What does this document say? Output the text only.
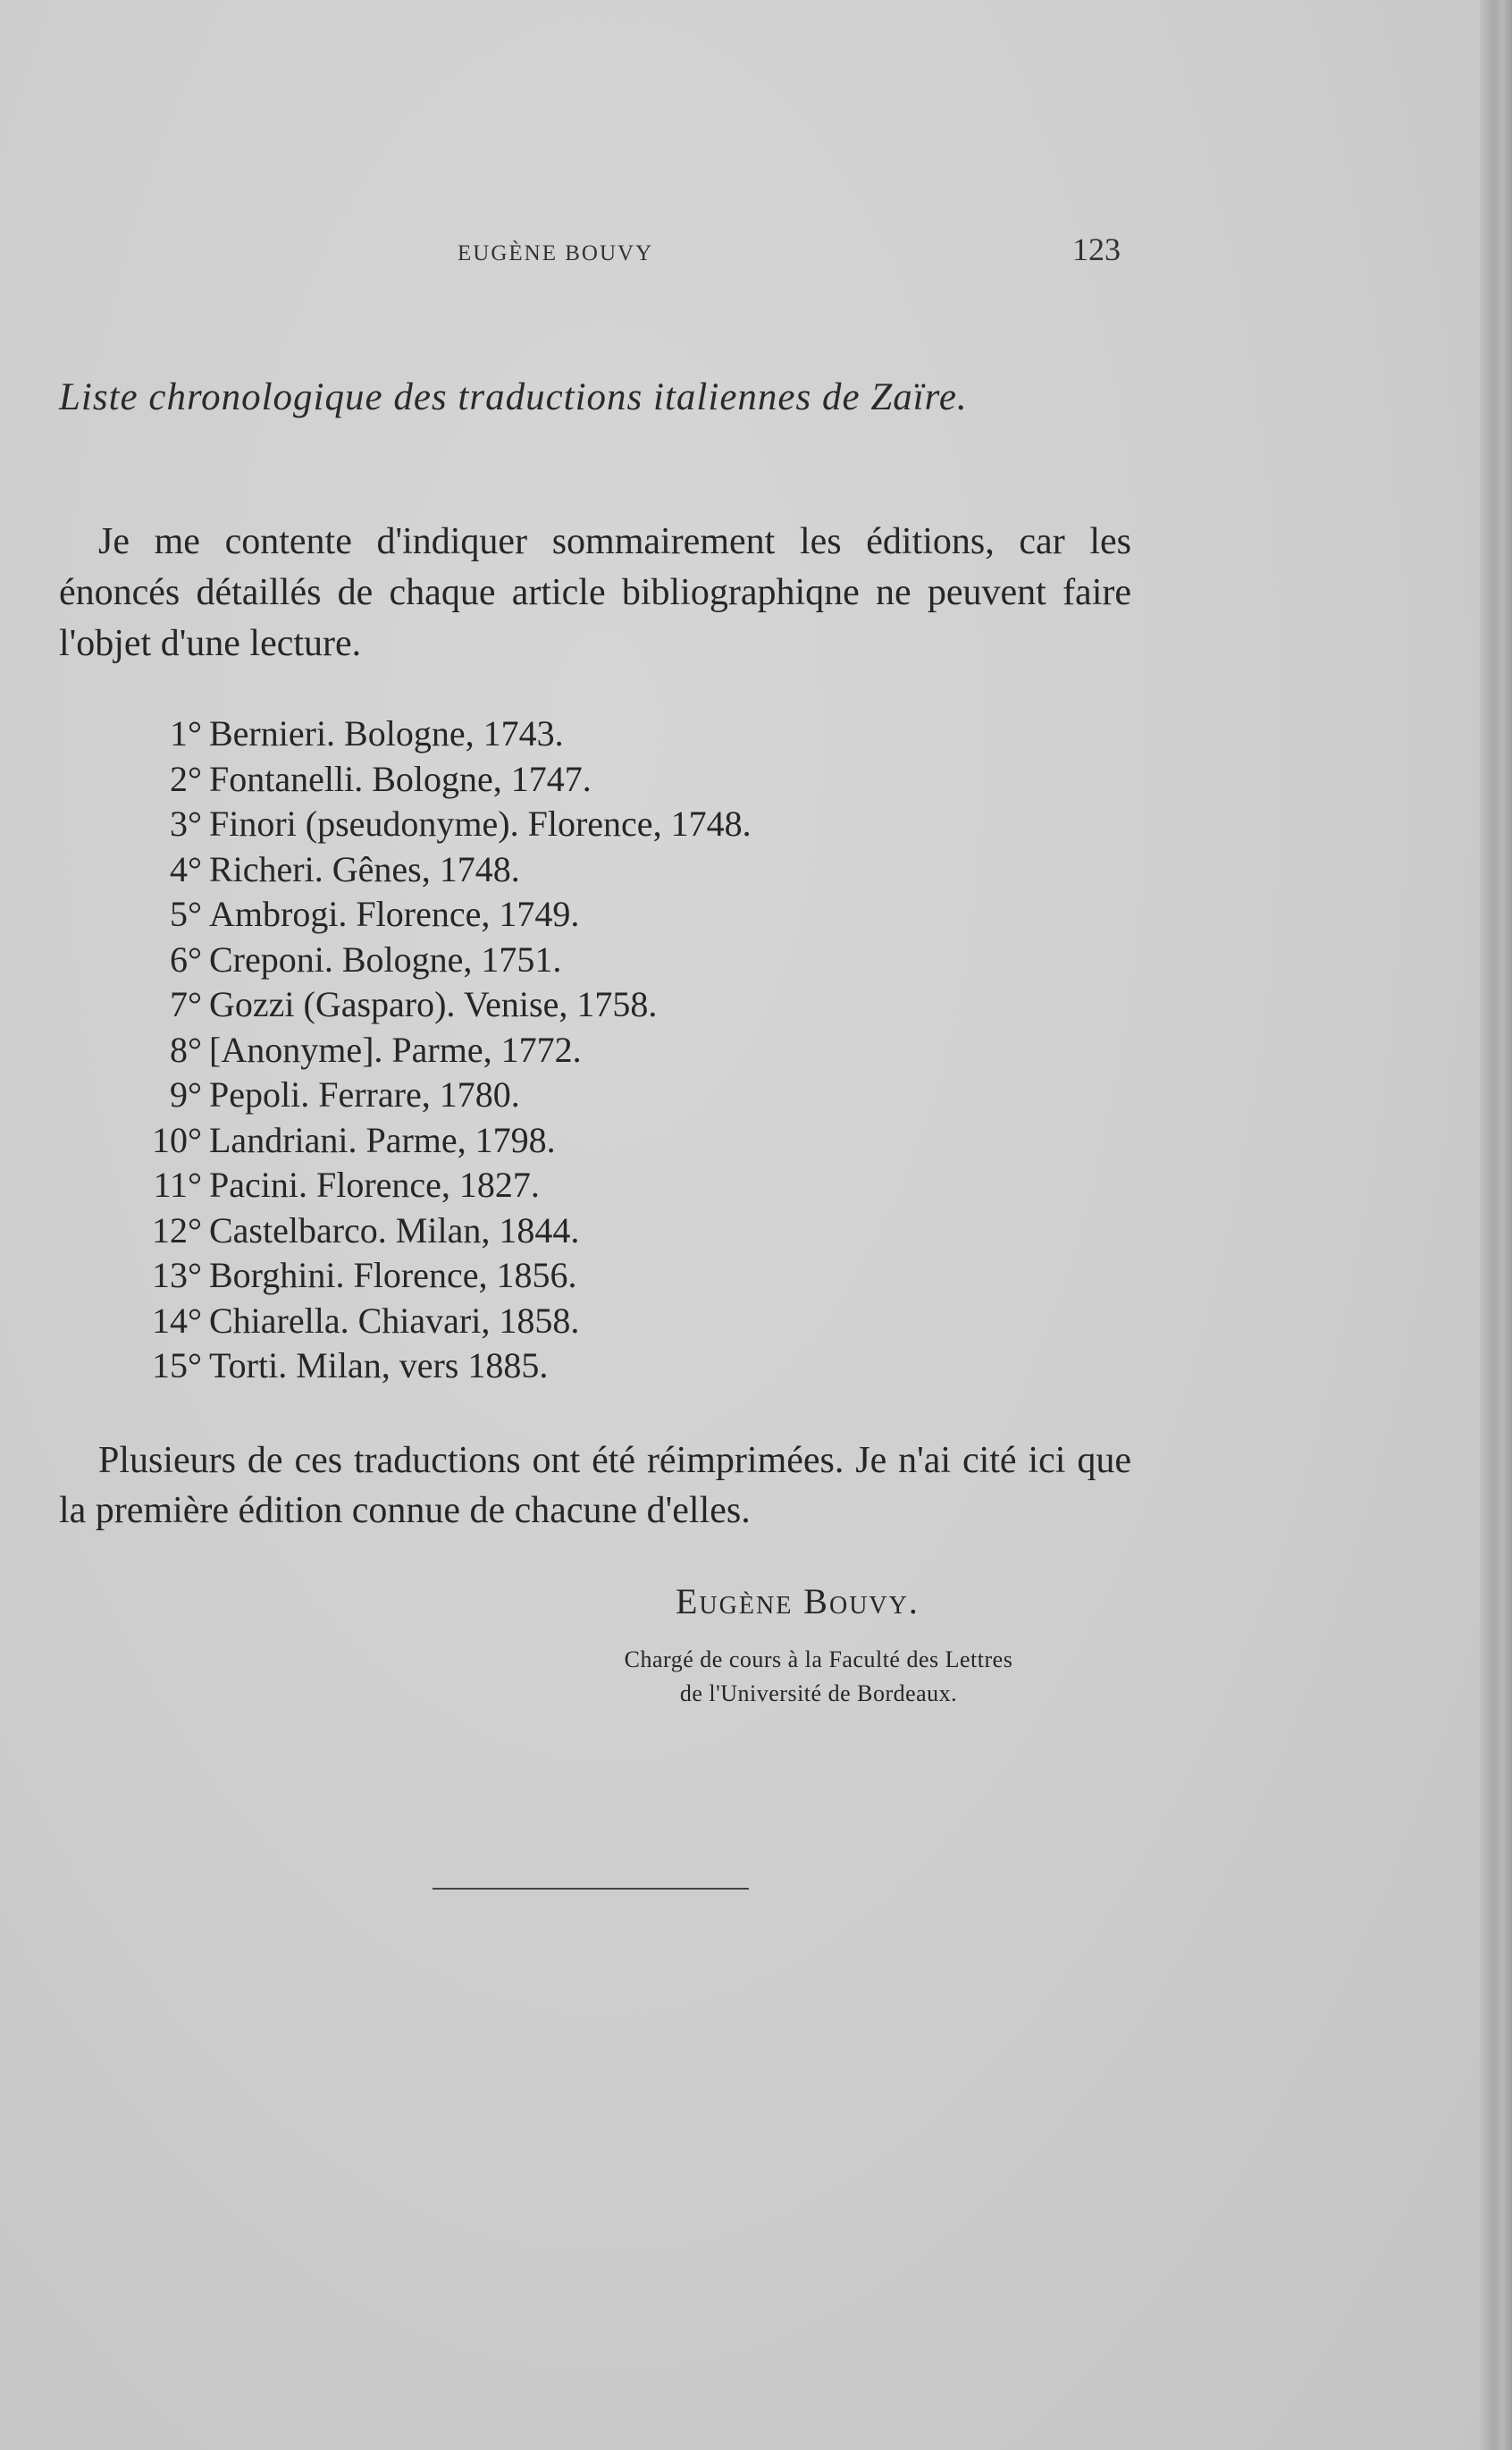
EUGÈNE BOUVY	123
Liste chronologique des traductions italiennes de Zaïre.

Je me contente d'indiquer sommairement les éditions, car les énoncés détaillés de chaque article bibliographiqne ne peuvent faire l'objet d'une lecture.

1° Bernieri. Bologne, 1743.
2° Fontanelli. Bologne, 1747.
3° Finori (pseudonyme). Florence, 1748.
4° Richeri. Gênes, 1748.
5° Ambrogi. Florence, 1749.
6° Creponi. Bologne, 1751.
7° Gozzi (Gasparo). Venise, 1758.
8° [Anonyme]. Parme, 1772.
9° Pepoli. Ferrare, 1780.
10° Landriani. Parme, 1798.
11° Pacini. Florence, 1827.
12° Castelbarco. Milan, 1844.
13° Borghini. Florence, 1856.
14° Chiarella. Chiavari, 1858.
15° Torti. Milan, vers 1885.

Plusieurs de ces traductions ont été réimprimées. Je n'ai cité ici que la première édition connue de chacune d'elles.

Eugène Bouvy.
Chargé de cours à la Faculté des Lettres
de l'Université de Bordeaux.
